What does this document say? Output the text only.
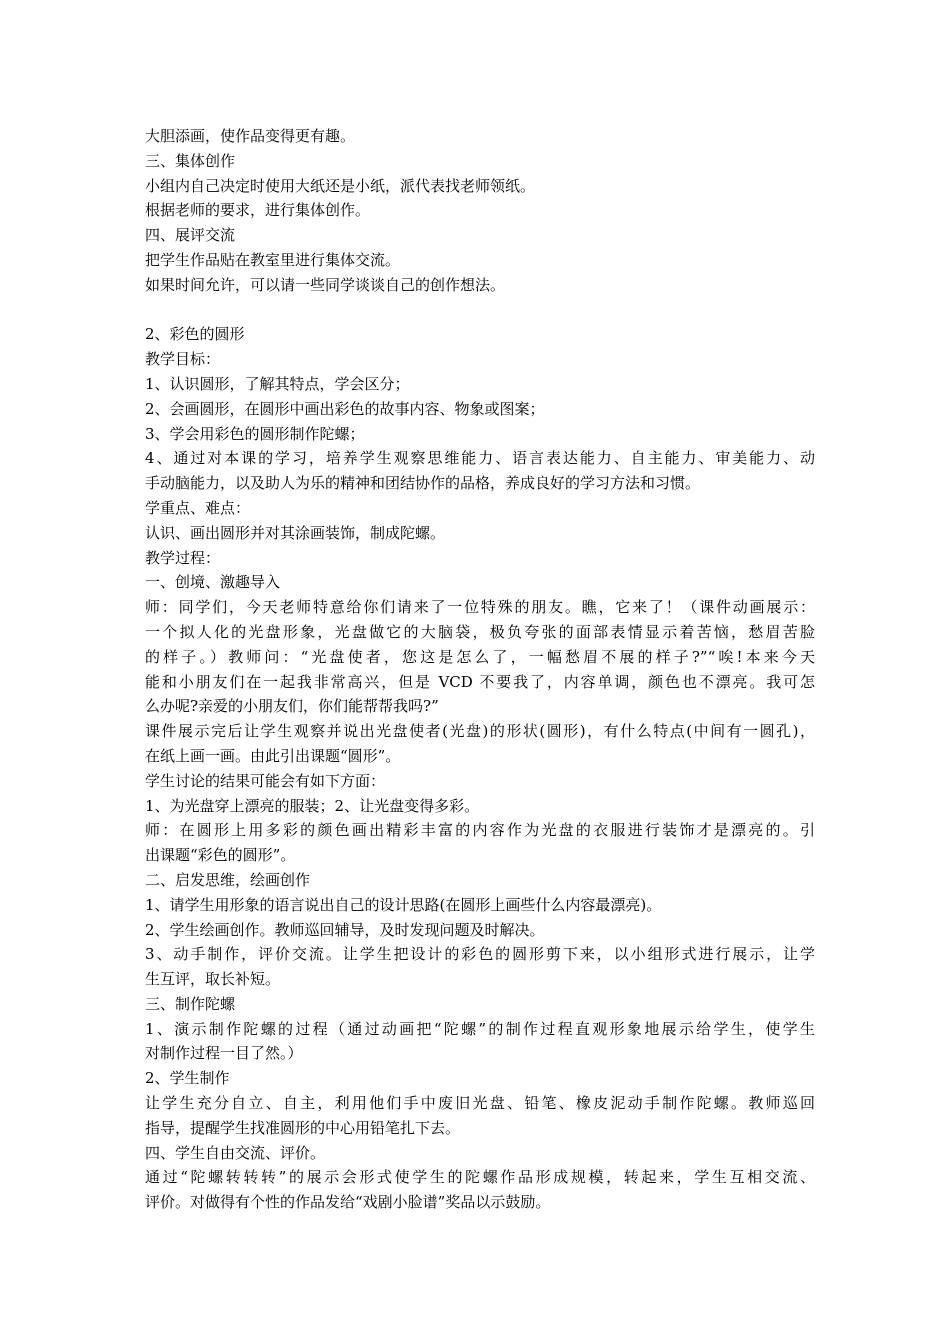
大胆添画，使作品变得更有趣。
三、集体创作
小组内自己决定时使用大纸还是小纸，派代表找老师领纸。
根据老师的要求，进行集体创作。
四、展评交流
把学生作品贴在教室里进行集体交流。
如果时间允许，可以请一些同学谈谈自己的创作想法。
2、彩色的圆形
教学目标：
1、认识圆形，了解其特点，学会区分；
2、会画圆形，在圆形中画出彩色的故事内容、物象或图案；
3、学会用彩色的圆形制作陀螺；
4、通过对本课的学习，培养学生观察思维能力、语言表达能力、自主能力、审美能力、动
手动脑能力，以及助人为乐的精神和团结协作的品格，养成良好的学习方法和习惯。
学重点、难点：
认识、画出圆形并对其涂画装饰，制成陀螺。
教学过程：
一、创境、激趣导入
师：同学们，今天老师特意给你们请来了一位特殊的朋友。瞧，它来了！（课件动画展示：
一个拟人化的光盘形象，光盘做它的大脑袋，极负夸张的面部表情显示着苦恼，愁眉苦脸
的样子。）教师问：“光盘使者，您这是怎么了，一幅愁眉不展的样子?”“唉!本来今天
能和小朋友们在一起我非常高兴，但是 VCD 不要我了，内容单调，颜色也不漂亮。我可怎
么办呢?亲爱的小朋友们，你们能帮帮我吗?”
课件展示完后让学生观察并说出光盘使者(光盘)的形状(圆形)，有什么特点(中间有一圆孔)，
在纸上画一画。由此引出课题“圆形”。
学生讨论的结果可能会有如下方面：
1、为光盘穿上漂亮的服装；2、让光盘变得多彩。
师：在圆形上用多彩的颜色画出精彩丰富的内容作为光盘的衣服进行装饰才是漂亮的。引
出课题“彩色的圆形”。
二、启发思维，绘画创作
1、请学生用形象的语言说出自己的设计思路(在圆形上画些什么内容最漂亮)。
2、学生绘画创作。教师巡回辅导，及时发现问题及时解决。
3、动手制作，评价交流。让学生把设计的彩色的圆形剪下来，以小组形式进行展示，让学
生互评，取长补短。
三、制作陀螺
1、演示制作陀螺的过程（通过动画把“陀螺”的制作过程直观形象地展示给学生，使学生
对制作过程一目了然。）
2、学生制作
让学生充分自立、自主，利用他们手中废旧光盘、铅笔、橡皮泥动手制作陀螺。教师巡回
指导，提醒学生找准圆形的中心用铅笔扎下去。
四、学生自由交流、评价。
通过“陀螺转转转”的展示会形式使学生的陀螺作品形成规模，转起来，学生互相交流、
评价。对做得有个性的作品发给“戏剧小脸谱”奖品以示鼓励。
